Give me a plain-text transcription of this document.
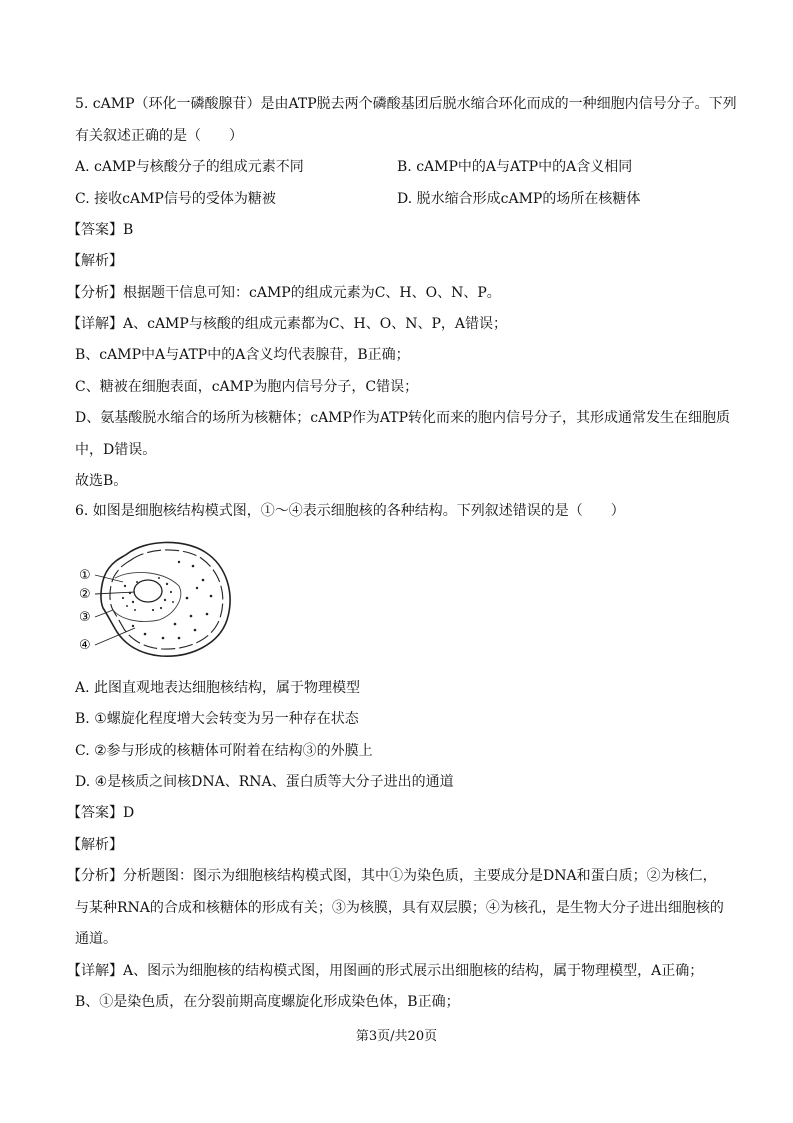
5. cAMP（环化一磷酸腺苷）是由ATP脱去两个磷酸基团后脱水缩合环化而成的一种细胞内信号分子。下列
有关叙述正确的是（　　）
A. cAMP与核酸分子的组成元素不同	B. cAMP中的A与ATP中的A含义相同
C. 接收cAMP信号的受体为糖被	D. 脱水缩合形成cAMP的场所在核糖体
【答案】B
【解析】
【分析】根据题干信息可知：cAMP的组成元素为C、H、O、N、P。
【详解】A、cAMP与核酸的组成元素都为C、H、O、N、P，A错误；
B、cAMP中A与ATP中的A含义均代表腺苷，B正确；
C、糖被在细胞表面，cAMP为胞内信号分子，C错误；
D、氨基酸脱水缩合的场所为核糖体；cAMP作为ATP转化而来的胞内信号分子，其形成通常发生在细胞质
中，D错误。
故选B。
6. 如图是细胞核结构模式图，①～④表示细胞核的各种结构。下列叙述错误的是（　　）
①
②
③
④
A. 此图直观地表达细胞核结构，属于物理模型
B. ①螺旋化程度增大会转变为另一种存在状态
C. ②参与形成的核糖体可附着在结构③的外膜上
D. ④是核质之间核DNA、RNA、蛋白质等大分子进出的通道
【答案】D
【解析】
【分析】分析题图：图示为细胞核结构模式图，其中①为染色质，主要成分是DNA和蛋白质；②为核仁，
与某种RNA的合成和核糖体的形成有关；③为核膜，具有双层膜；④为核孔，是生物大分子进出细胞核的
通道。
【详解】A、图示为细胞核的结构模式图，用图画的形式展示出细胞核的结构，属于物理模型，A正确；
B、①是染色质，在分裂前期高度螺旋化形成染色体，B正确；
第3页/共20页
